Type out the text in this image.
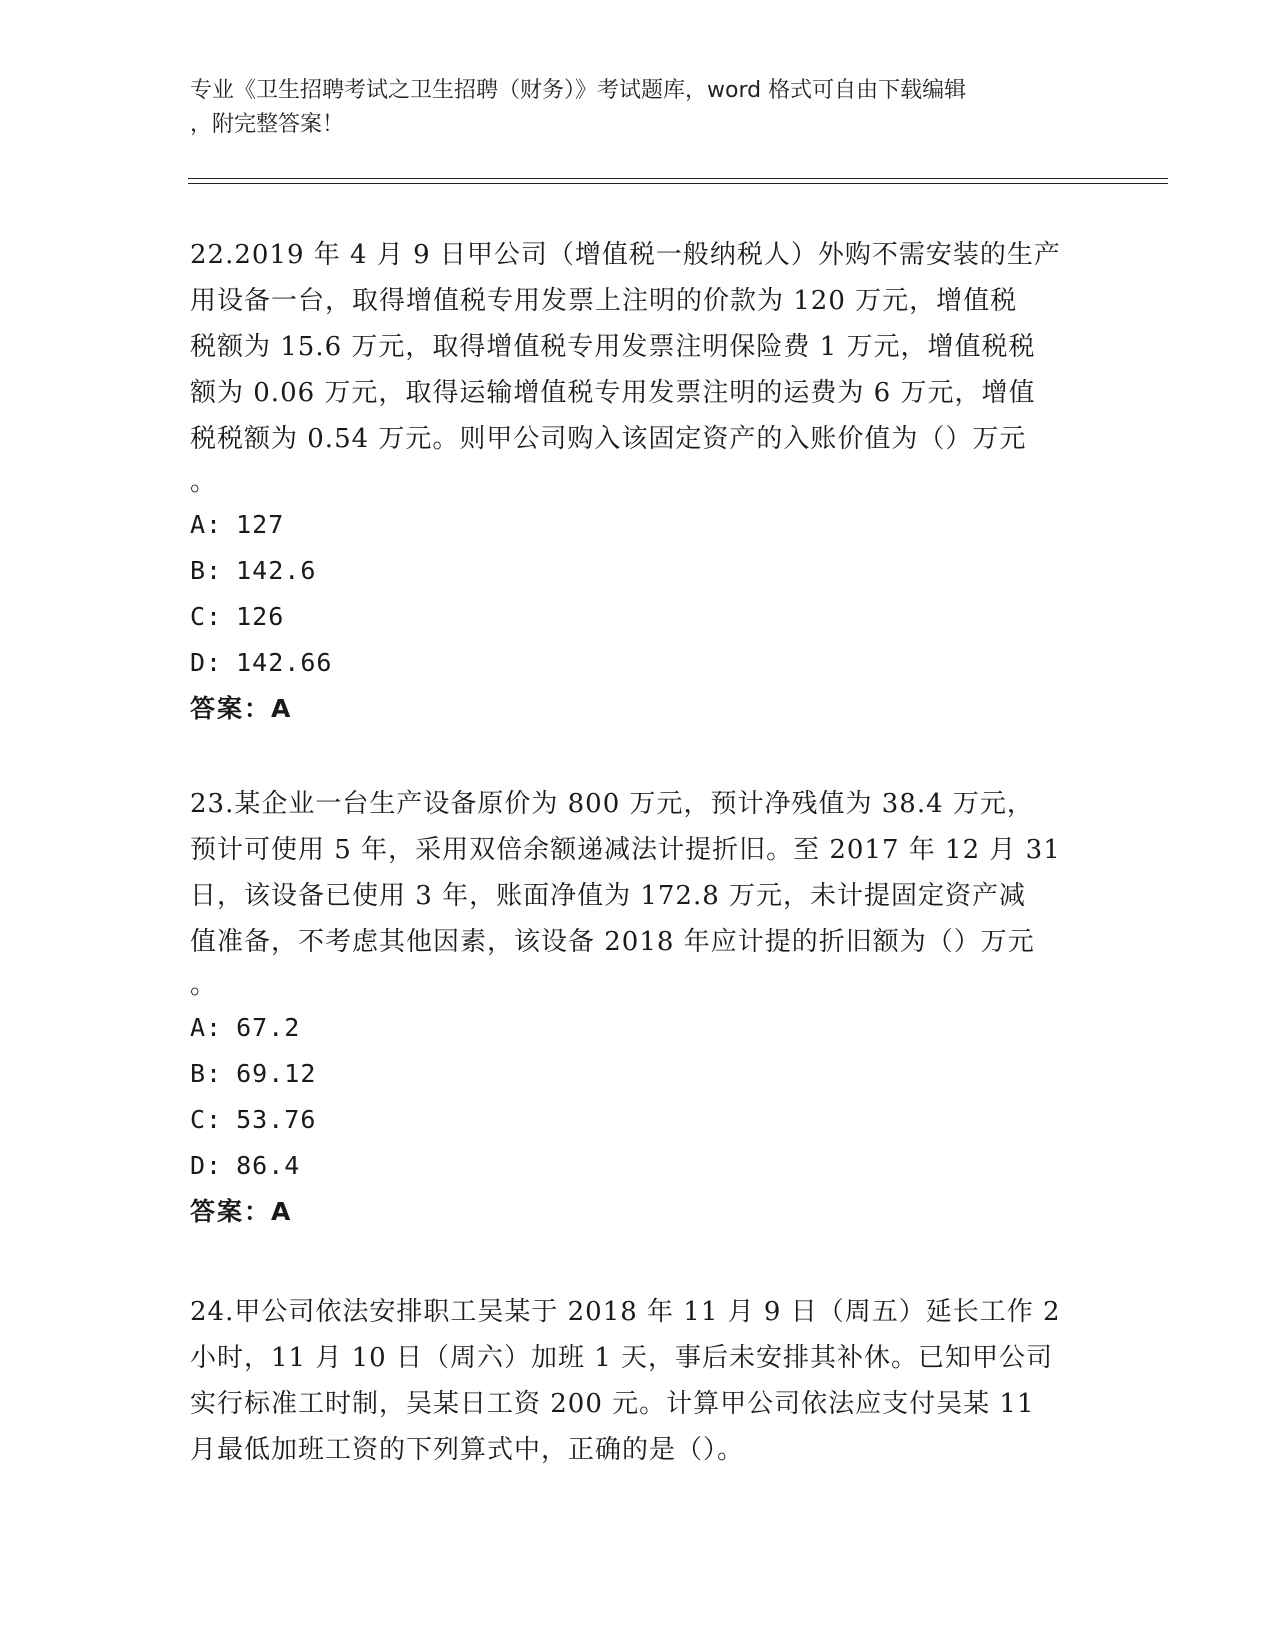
专业《卫生招聘考试之卫生招聘（财务）》考试题库，word 格式可自由下载编辑
，附完整答案！
22.2019 年 4 月 9 日甲公司（增值税一般纳税人）外购不需安装的生产
用设备一台，取得增值税专用发票上注明的价款为 120 万元，增值税
税额为 15.6 万元，取得增值税专用发票注明保险费 1 万元，增值税税
额为 0.06 万元，取得运输增值税专用发票注明的运费为 6 万元，增值
税税额为 0.54 万元。则甲公司购入该固定资产的入账价值为（）万元
。
A: 127
B: 142.6
C: 126
D: 142.66
答案：A
23.某企业一台生产设备原价为 800 万元，预计净残值为 38.4 万元，
预计可使用 5 年，采用双倍余额递减法计提折旧。至 2017 年 12 月 31
日，该设备已使用 3 年，账面净值为 172.8 万元，未计提固定资产减
值准备，不考虑其他因素，该设备 2018 年应计提的折旧额为（）万元
。
A: 67.2
B: 69.12
C: 53.76
D: 86.4
答案：A
24.甲公司依法安排职工吴某于 2018 年 11 月 9 日（周五）延长工作 2
小时，11 月 10 日（周六）加班 1 天，事后未安排其补休。已知甲公司
实行标准工时制，吴某日工资 200 元。计算甲公司依法应支付吴某 11
月最低加班工资的下列算式中，正确的是（）。
